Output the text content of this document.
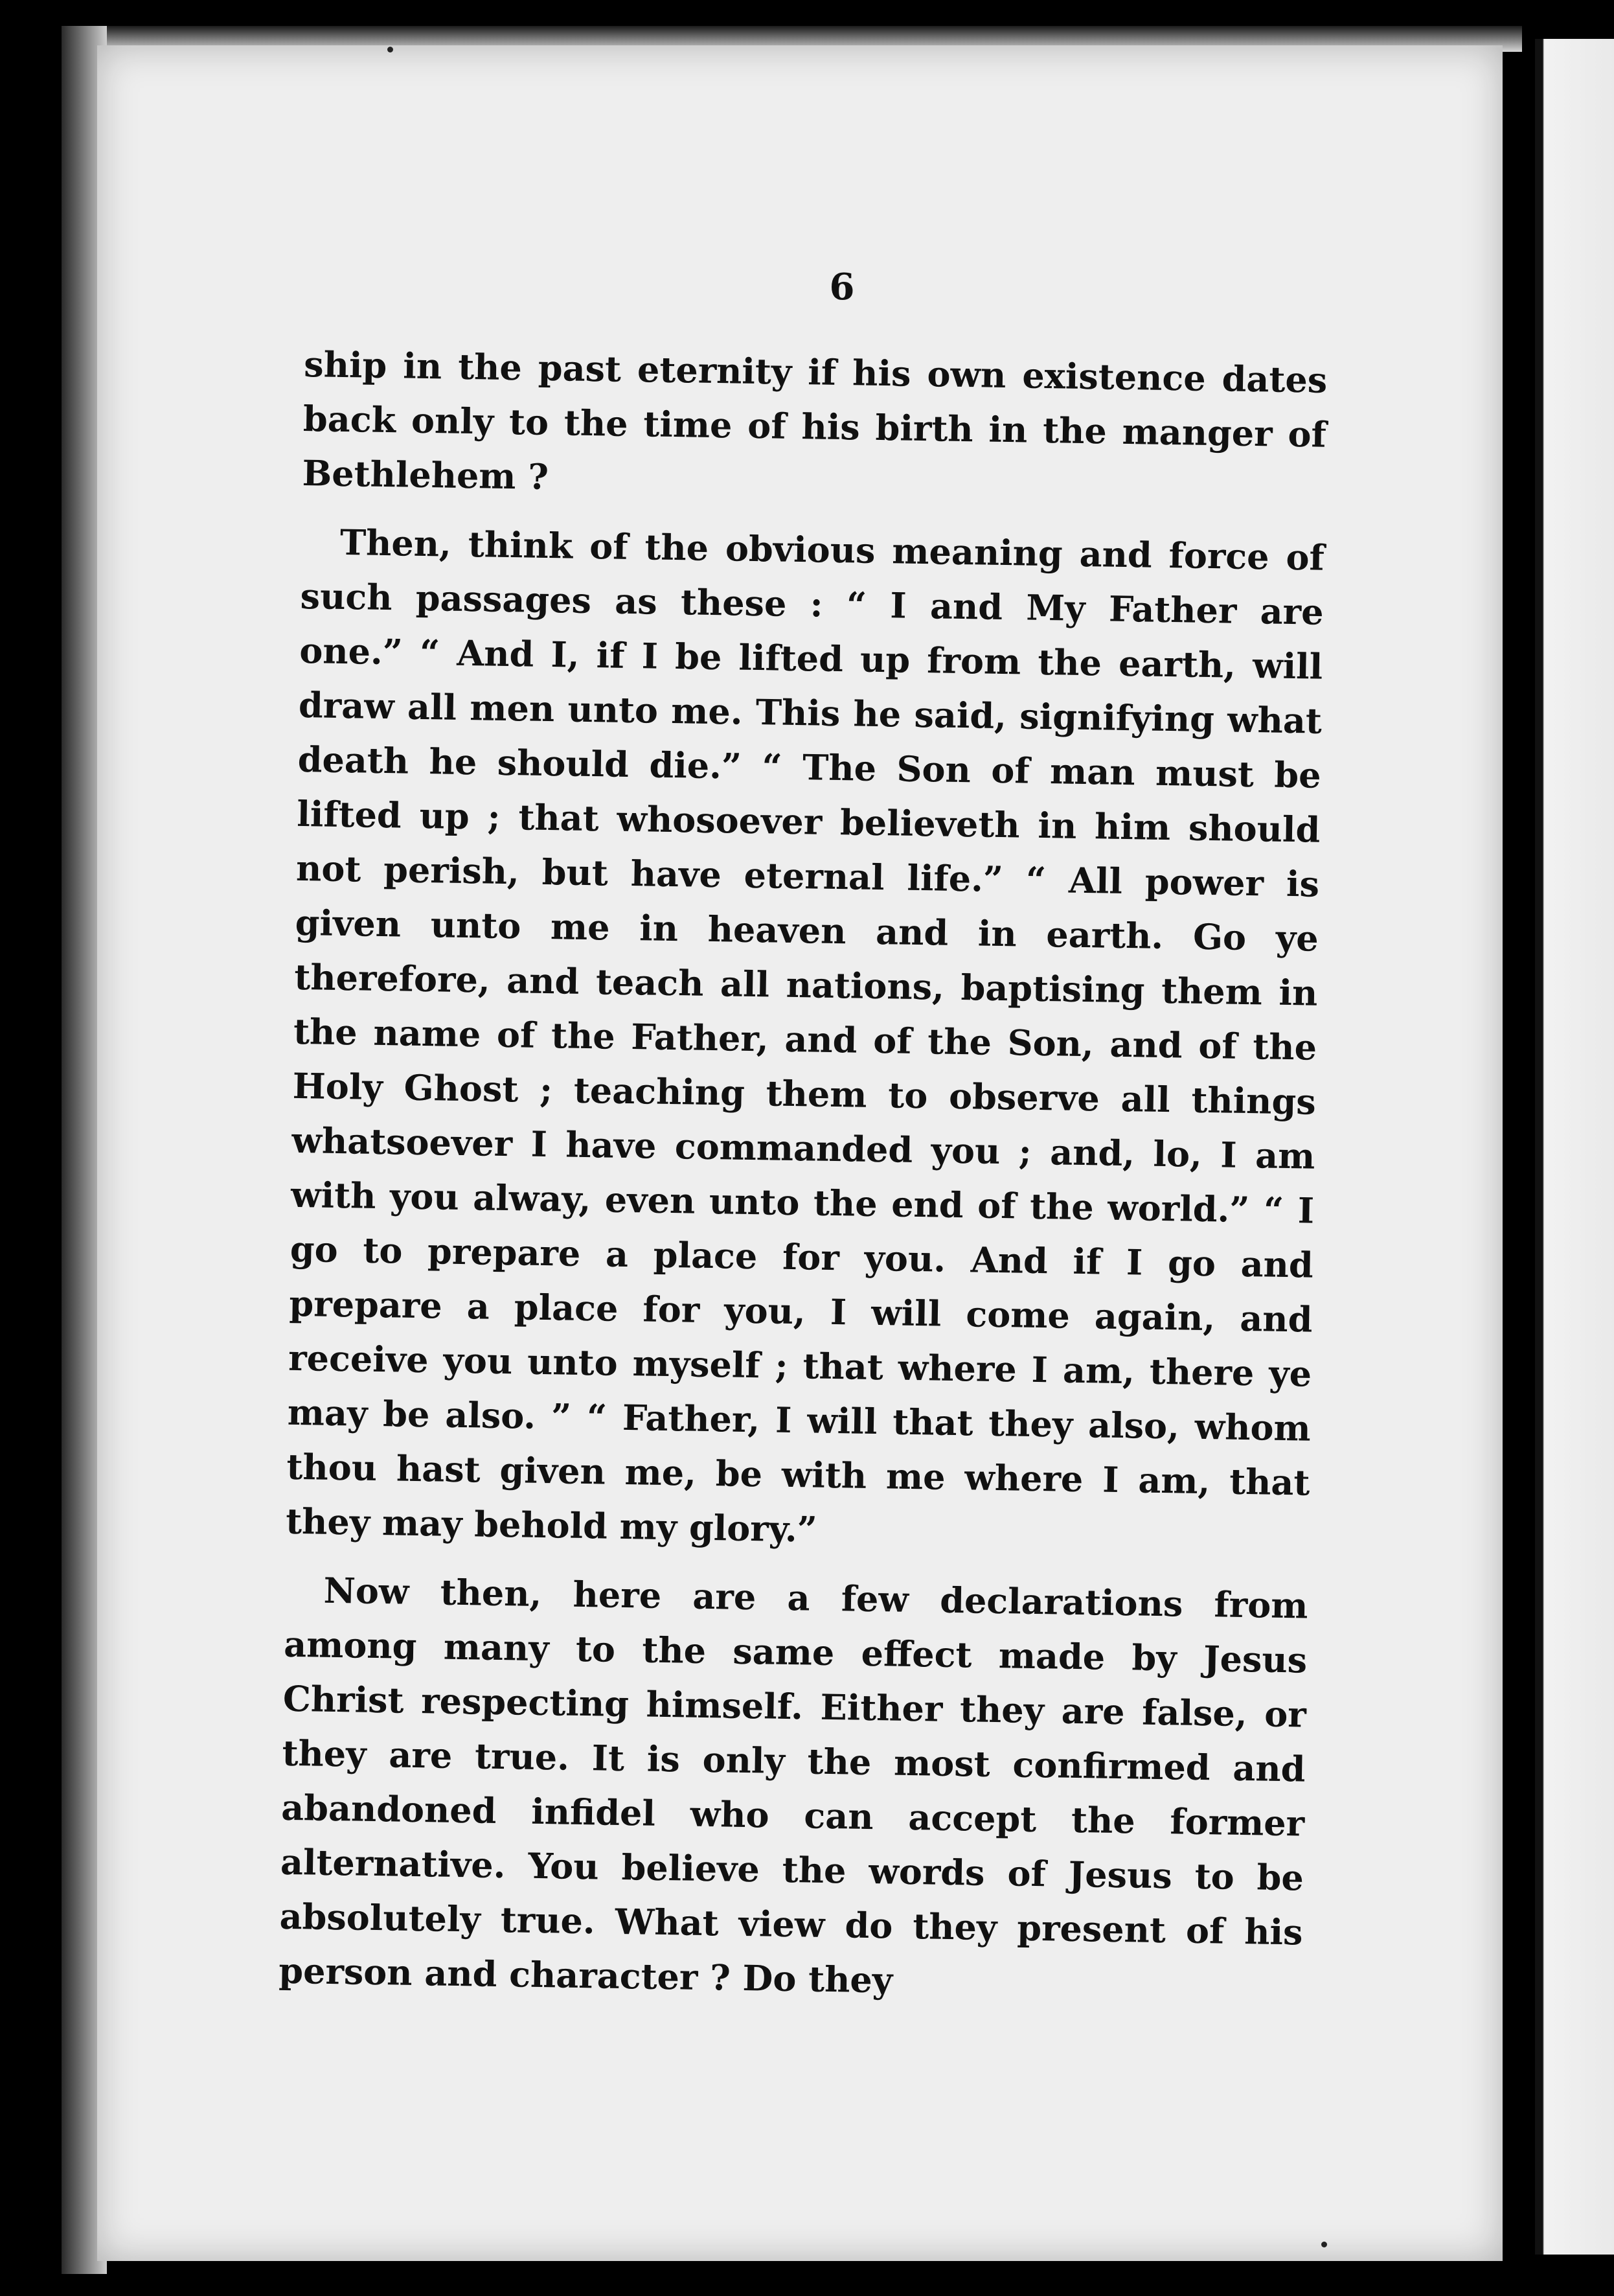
6

ship in the past eternity if his own existence dates back only to the time of his birth in the manger of Bethlehem ?

Then, think of the obvious meaning and force of such passages as these : “ I and My Father are one.” “ And I, if I be lifted up from the earth, will draw all men unto me. This he said, signifying what death he should die.” “ The Son of man must be lifted up ; that whosoever believeth in him should not perish, but have eternal life.” “ All power is given unto me in heaven and in earth. Go ye therefore, and teach all nations, baptising them in the name of the Father, and of the Son, and of the Holy Ghost ; teaching them to observe all things whatsoever I have commanded you ; and, lo, I am with you alway, even unto the end of the world.” “ I go to prepare a place for you. And if I go and prepare a place for you, I will come again, and receive you unto myself ; that where I am, there ye may be also. ” “ Father, I will that they also, whom thou hast given me, be with me where I am, that they may behold my glory.”

Now then, here are a few declarations from among many to the same effect made by Jesus Christ respecting himself. Either they are false, or they are true. It is only the most confirmed and abandoned infidel who can accept the former alternative. You believe the words of Jesus to be absolutely true. What view do they present of his person and character ? Do they
